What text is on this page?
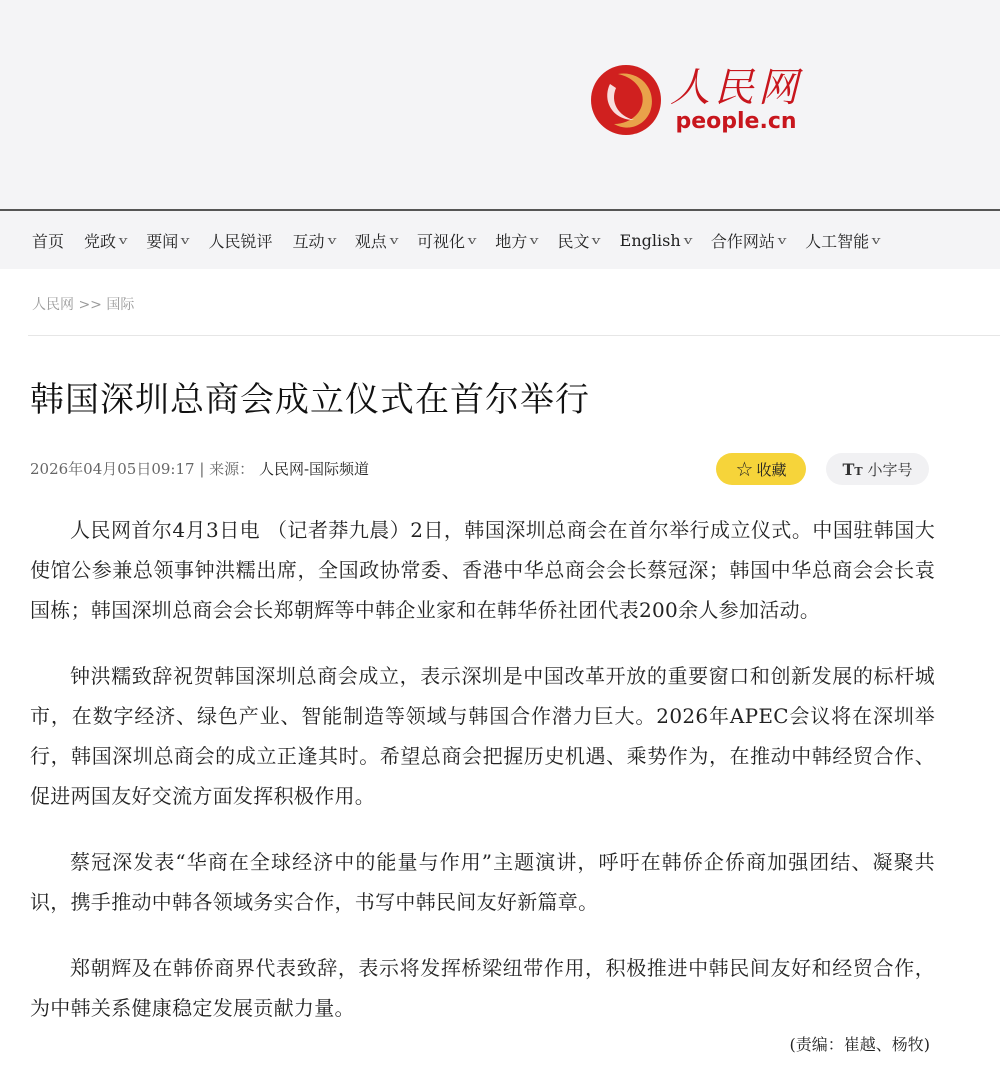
人民网
people.cn
首页 党政 v 要闻 v 人民锐评 互动 v 观点 v 可视化 v 地方 v 民文 v English v 合作网站 v 人工智能 v
人民网 >> 国际
韩国深圳总商会成立仪式在首尔举行
2026年04月05日09:17 | 来源： 人民网-国际频道	☆ 收藏	TT 小字号

人民网首尔4月3日电 （记者莽九晨）2日，韩国深圳总商会在首尔举行成立仪式。中国驻韩国大使馆公参兼总领事钟洪糯出席，全国政协常委、香港中华总商会会长蔡冠深；韩国中华总商会会长袁国栋；韩国深圳总商会会长郑朝辉等中韩企业家和在韩华侨社团代表200余人参加活动。

钟洪糯致辞祝贺韩国深圳总商会成立，表示深圳是中国改革开放的重要窗口和创新发展的标杆城市，在数字经济、绿色产业、智能制造等领域与韩国合作潜力巨大。2026年APEC会议将在深圳举行，韩国深圳总商会的成立正逢其时。希望总商会把握历史机遇、乘势作为，在推动中韩经贸合作、促进两国友好交流方面发挥积极作用。

蔡冠深发表“华商在全球经济中的能量与作用”主题演讲，呼吁在韩侨企侨商加强团结、凝聚共识，携手推动中韩各领域务实合作，书写中韩民间友好新篇章。

郑朝辉及在韩侨商界代表致辞，表示将发挥桥梁纽带作用，积极推进中韩民间友好和经贸合作，为中韩关系健康稳定发展贡献力量。

(责编：崔越、杨牧)
